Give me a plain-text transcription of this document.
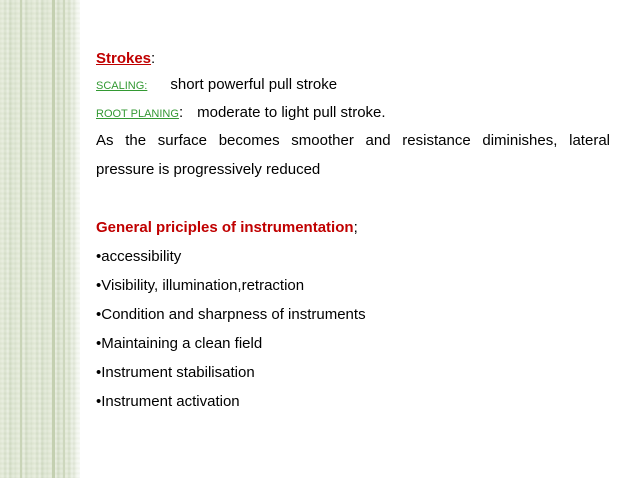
Strokes:
SCALING: short powerful pull stroke
ROOT PLANING: moderate to light pull stroke.
As the surface becomes smoother and resistance diminishes, lateral
pressure is progressively reduced
General priciples of instrumentation;
•accessibility
•Visibility, illumination,retraction
•Condition and sharpness of instruments
•Maintaining a clean field
•Instrument stabilisation
•Instrument activation
